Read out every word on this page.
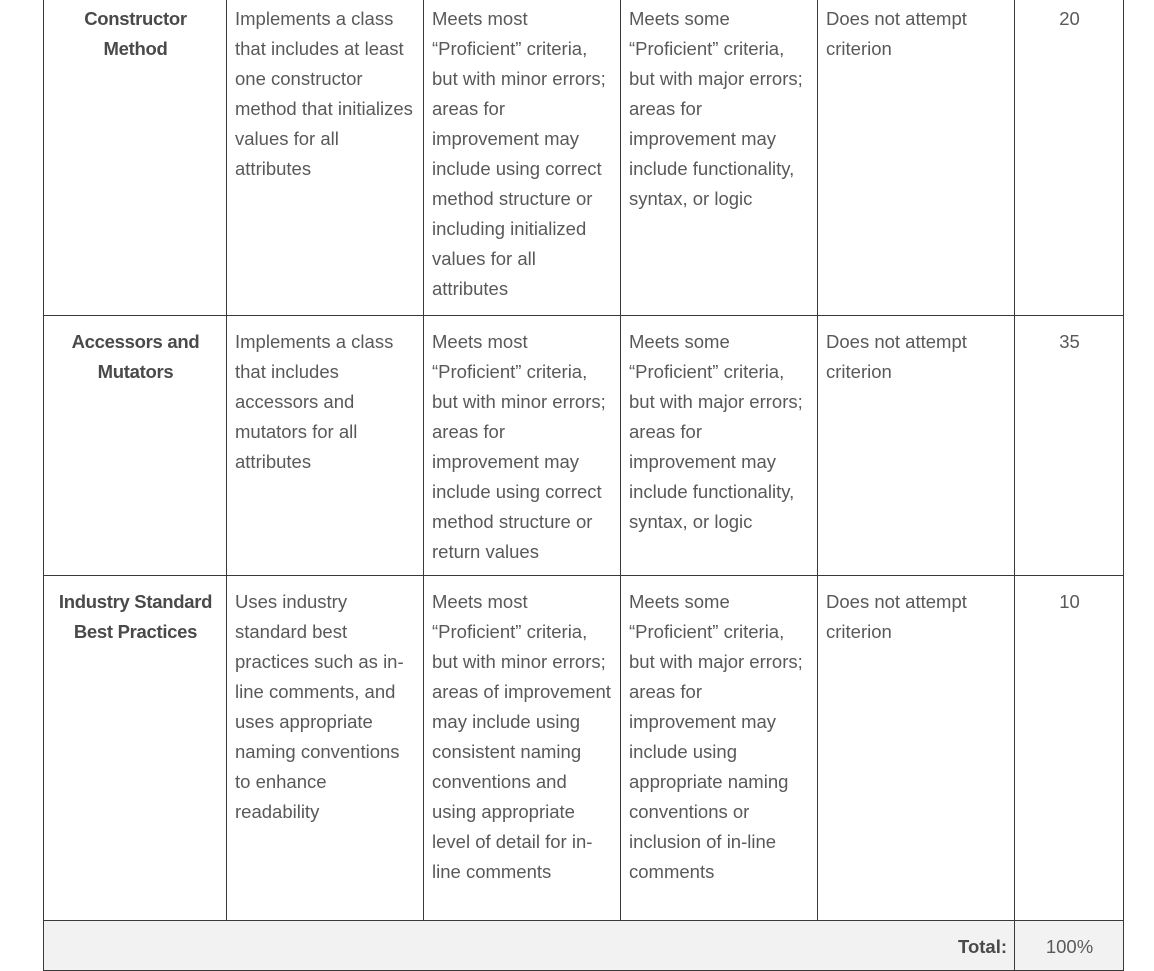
Constructor Method	Implements a class that includes at least one constructor method that initializes values for all attributes	Meets most “Proficient” criteria, but with minor errors; areas for improvement may include using correct method structure or including initialized values for all attributes	Meets some “Proficient” criteria, but with major errors; areas for improvement may include functionality, syntax, or logic	Does not attempt criterion	20
Accessors and Mutators	Implements a class that includes accessors and mutators for all attributes	Meets most “Proficient” criteria, but with minor errors; areas for improvement may include using correct method structure or return values	Meets some “Proficient” criteria, but with major errors; areas for improvement may include functionality, syntax, or logic	Does not attempt criterion	35
Industry Standard Best Practices	Uses industry standard best practices such as in-line comments, and uses appropriate naming conventions to enhance readability	Meets most “Proficient” criteria, but with minor errors; areas of improvement may include using consistent naming conventions and using appropriate level of detail for in-line comments	Meets some “Proficient” criteria, but with major errors; areas for improvement may include using appropriate naming conventions or inclusion of in-line comments	Does not attempt criterion	10
Total:					100%
